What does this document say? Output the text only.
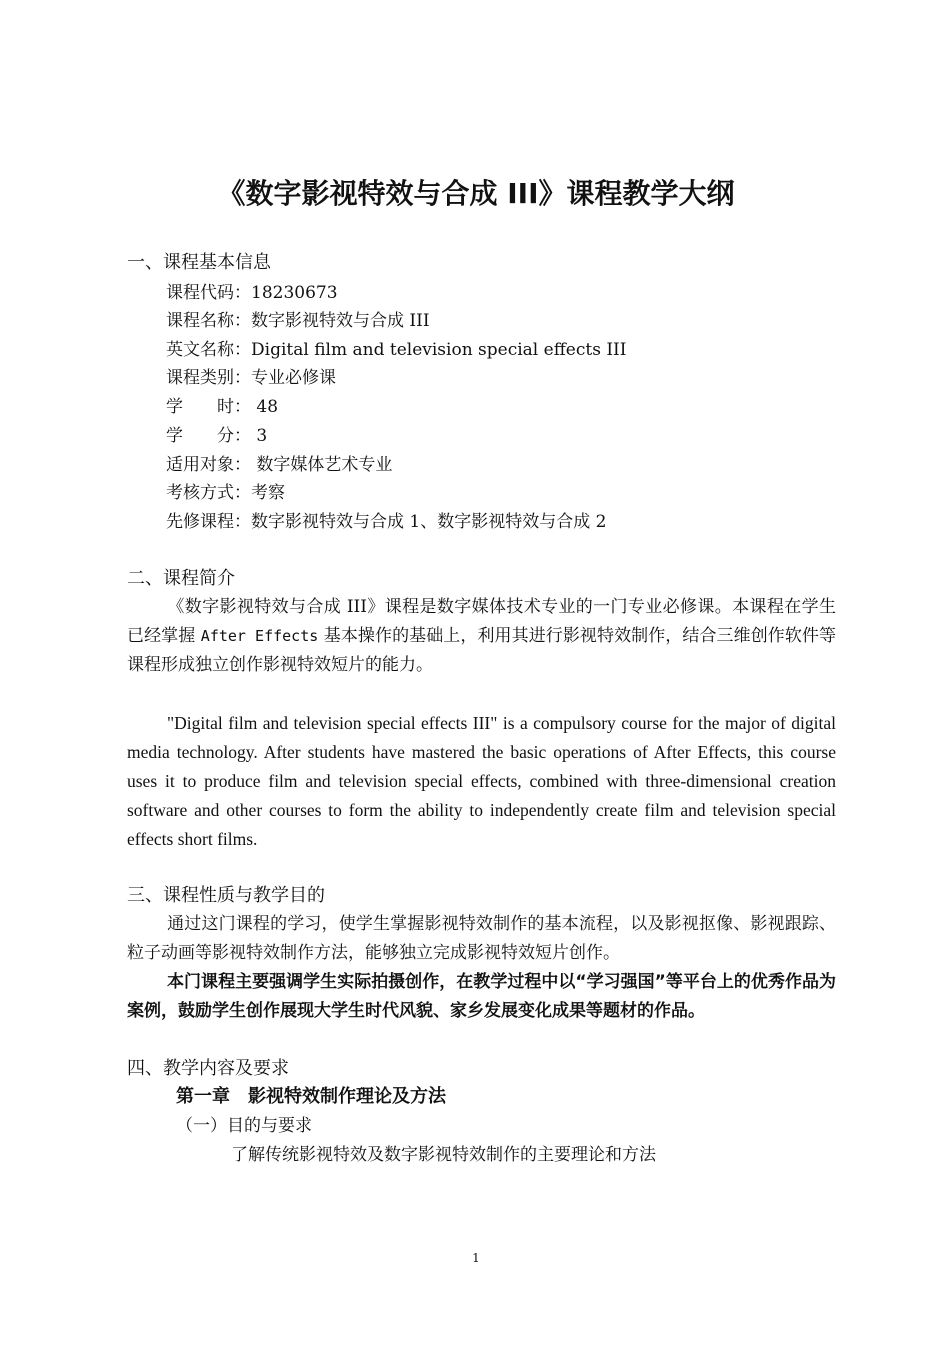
《数字影视特效与合成 III》课程教学大纲
一、课程基本信息
课程代码：18230673
课程名称：数字影视特效与合成 III
英文名称：Digital film and television special effects III
课程类别：专业必修课
学　　时： 48
学　　分： 3
适用对象： 数字媒体艺术专业
考核方式：考察
先修课程：数字影视特效与合成 1、数字影视特效与合成 2
二、课程简介
《数字影视特效与合成 III》课程是数字媒体技术专业的一门专业必修课。本课程在学生已经掌握 After Effects 基本操作的基础上，利用其进行影视特效制作，结合三维创作软件等课程形成独立创作影视特效短片的能力。
"Digital film and television special effects III" is a compulsory course for the major of digital media technology. After students have mastered the basic operations of After Effects, this course uses it to produce film and television special effects, combined with three-dimensional creation software and other courses to form the ability to independently create film and television special effects short films.
三、课程性质与教学目的
通过这门课程的学习，使学生掌握影视特效制作的基本流程，以及影视抠像、影视跟踪、粒子动画等影视特效制作方法，能够独立完成影视特效短片创作。
本门课程主要强调学生实际拍摄创作，在教学过程中以“学习强国”等平台上的优秀作品为案例，鼓励学生创作展现大学生时代风貌、家乡发展变化成果等题材的作品。
四、教学内容及要求
第一章　影视特效制作理论及方法
（一）目的与要求
了解传统影视特效及数字影视特效制作的主要理论和方法
1
